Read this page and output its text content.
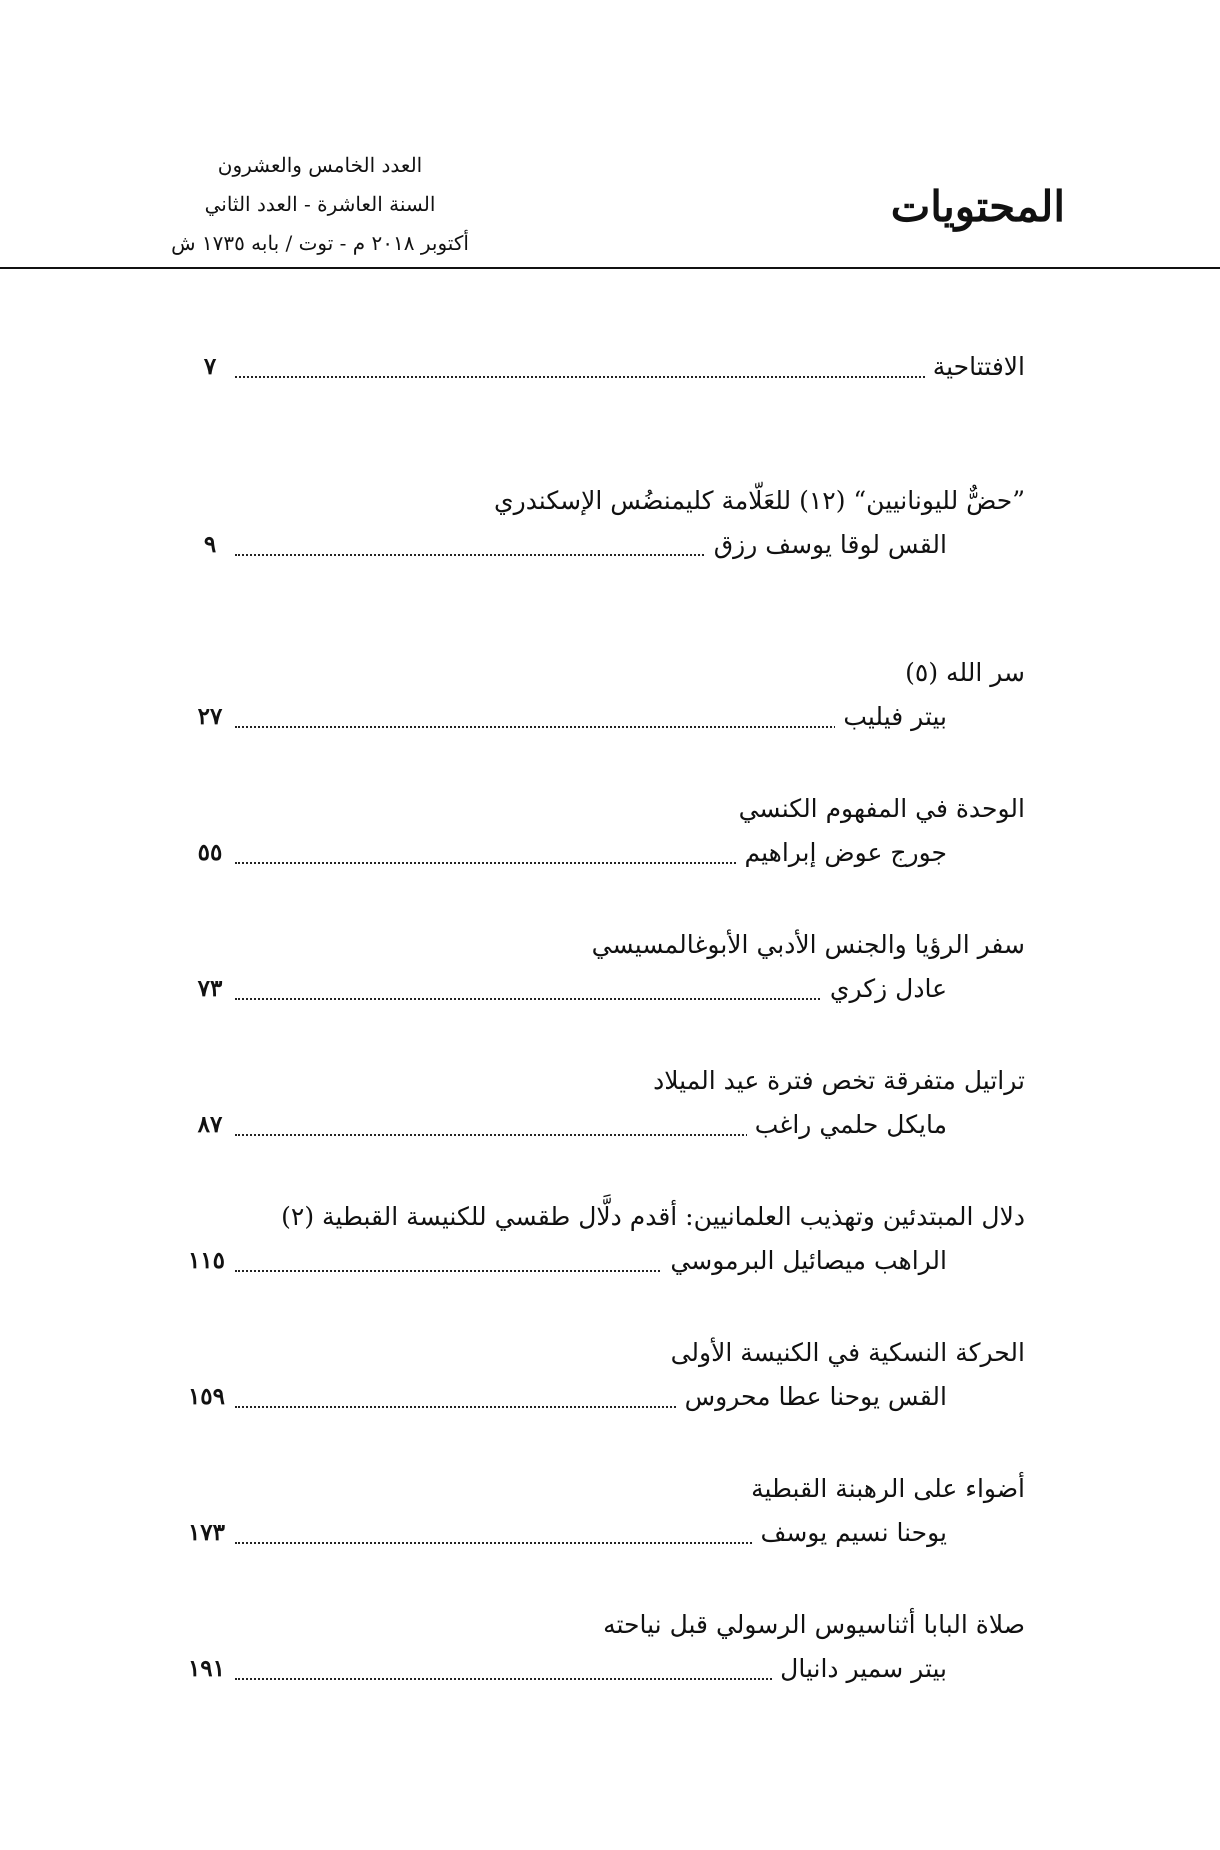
المحتويات
العدد الخامس والعشرون
السنة العاشرة - العدد الثاني
أكتوبر ٢٠١٨ م - توت / بابه ١٧٣٥ ش
الافتتاحية
٧
”حضٌّ لليونانيين“ (١٢) للعَلّامة كليمنضُس الإسكندري
القس لوقا يوسف رزق
٩
سر الله (٥)
بيتر فيليب
٢٧
الوحدة في المفهوم الكنسي
جورج عوض إبراهيم
٥٥
سفر الرؤيا والجنس الأدبي الأبوغالمسيسي
عادل زكري
٧٣
تراتيل متفرقة تخص فترة عيد الميلاد
مايكل حلمي راغب
٨٧
دلال المبتدئين وتهذيب العلمانيين: أقدم دلَّال طقسي للكنيسة القبطية (٢)
الراهب ميصائيل البرموسي
١١٥
الحركة النسكية في الكنيسة الأولى
القس يوحنا عطا محروس
١٥٩
أضواء على الرهبنة القبطية
يوحنا نسيم يوسف
١٧٣
صلاة البابا أثناسيوس الرسولي قبل نياحته
بيتر سمير دانيال
١٩١
